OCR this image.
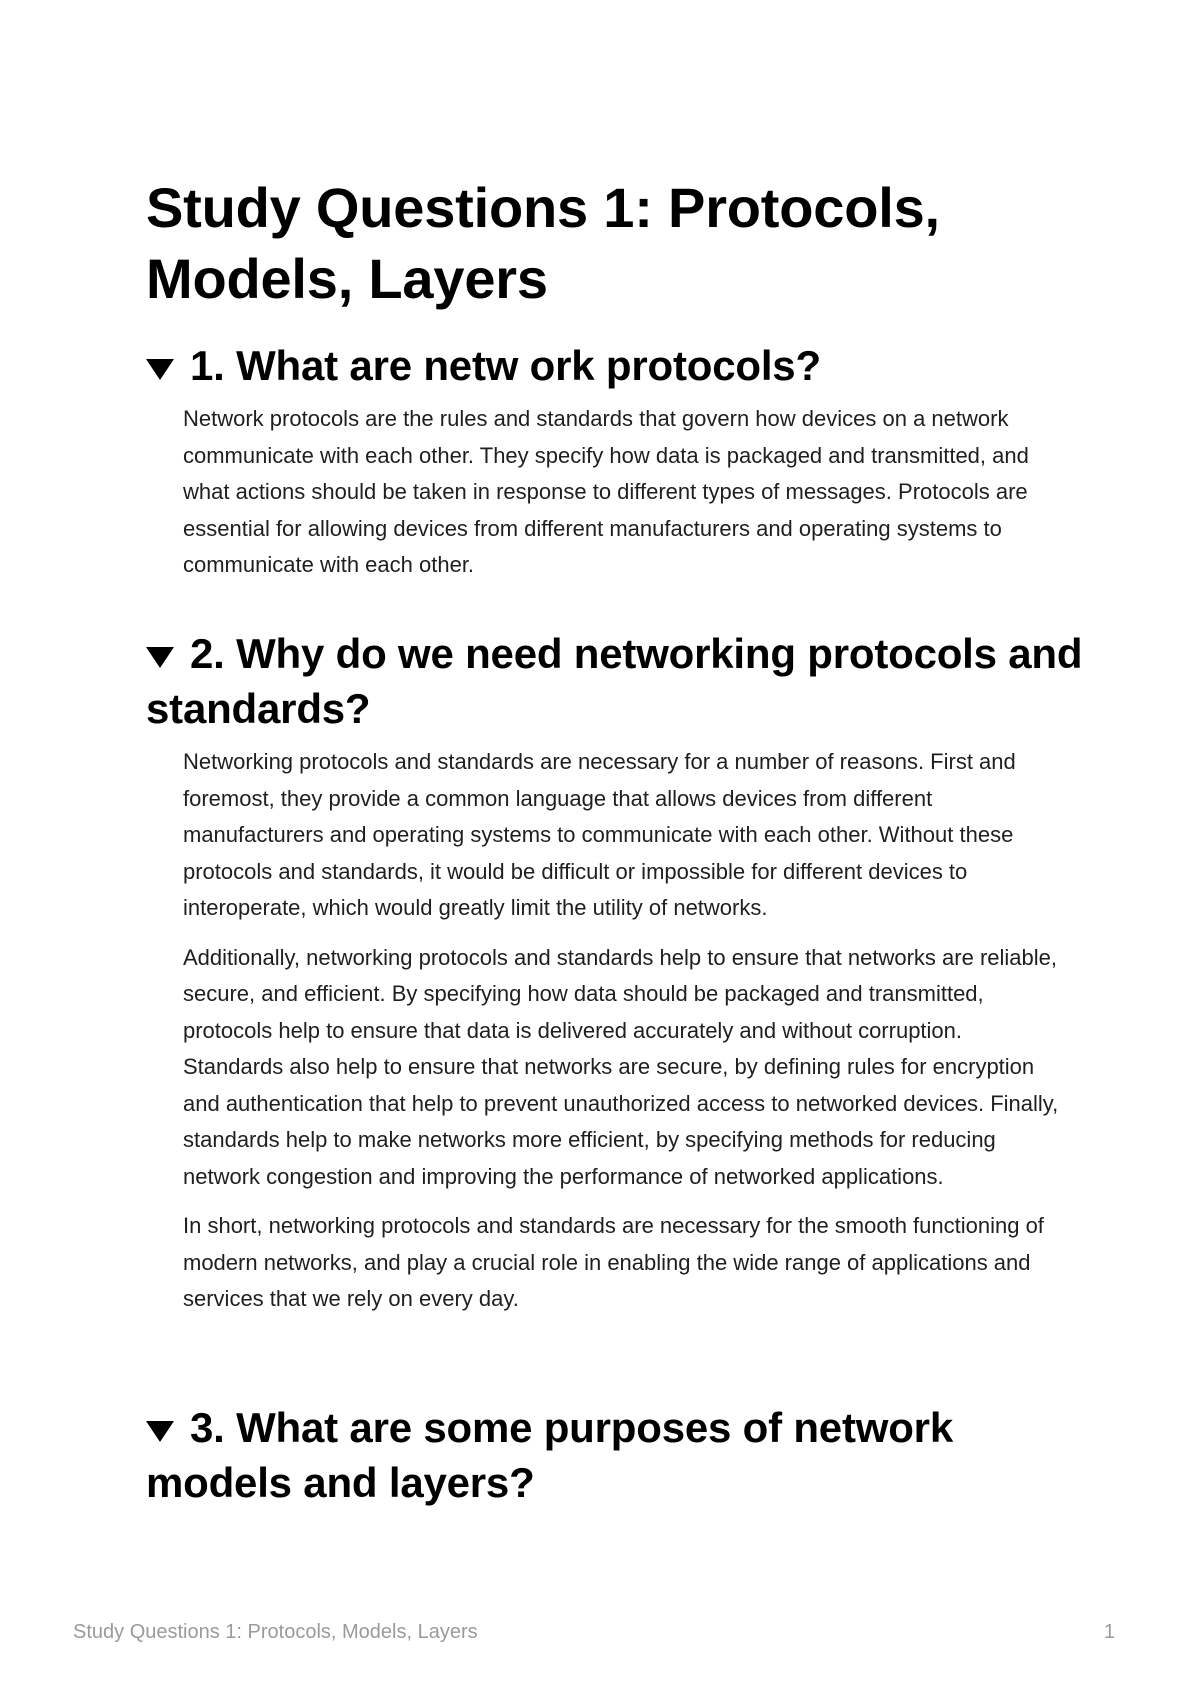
Study Questions 1: Protocols, Models, Layers
1. What are netw ork protocols?

Network protocols are the rules and standards that govern how devices on a network communicate with each other. They specify how data is packaged and transmitted, and what actions should be taken in response to different types of messages. Protocols are essential for allowing devices from different manufacturers and operating systems to communicate with each other.

2. Why do we need networking protocols and standards?

Networking protocols and standards are necessary for a number of reasons. First and foremost, they provide a common language that allows devices from different manufacturers and operating systems to communicate with each other. Without these protocols and standards, it would be difficult or impossible for different devices to interoperate, which would greatly limit the utility of networks.

Additionally, networking protocols and standards help to ensure that networks are reliable, secure, and efficient. By specifying how data should be packaged and transmitted, protocols help to ensure that data is delivered accurately and without corruption. Standards also help to ensure that networks are secure, by defining rules for encryption and authentication that help to prevent unauthorized access to networked devices. Finally, standards help to make networks more efficient, by specifying methods for reducing network congestion and improving the performance of networked applications.

In short, networking protocols and standards are necessary for the smooth functioning of modern networks, and play a crucial role in enabling the wide range of applications and services that we rely on every day.

3. What are some purposes of network models and layers?
Study Questions 1: Protocols, Models, Layers	1
